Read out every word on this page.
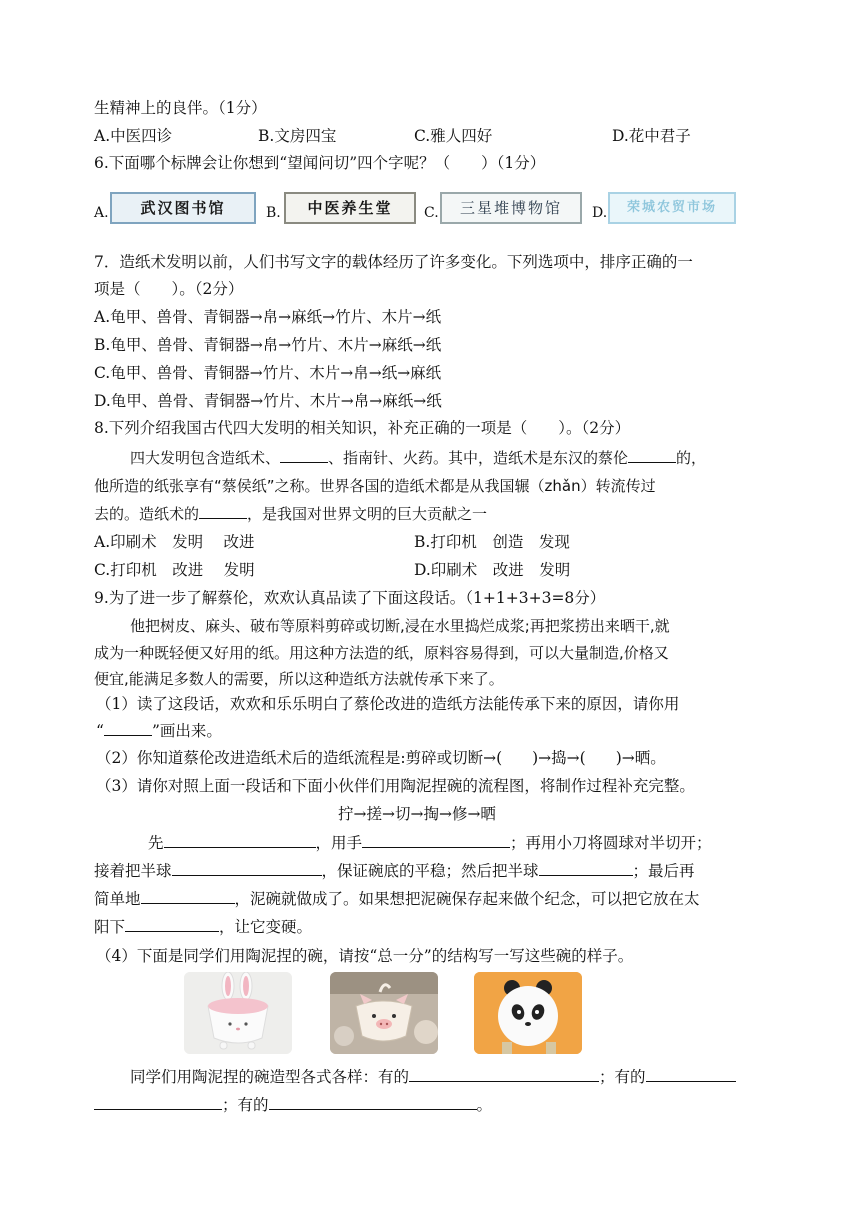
生精神上的良伴。（1分）
A.中医四诊	B.文房四宝	C.雅人四好	D.花中君子
6.下面哪个标牌会让你想到“望闻问切”四个字呢？（　　）（1分）
A.	武汉图书馆	B.	中医养生堂	C.	三星堆博物馆	D.	荣城农贸市场
7．造纸术发明以前，人们书写文字的载体经历了许多变化。下列选项中，排序正确的一
项是（　　）。（2分）
A.龟甲、兽骨、青铜器→帛→麻纸→竹片、木片→纸
B.龟甲、兽骨、青铜器→帛→竹片、木片→麻纸→纸
C.龟甲、兽骨、青铜器→竹片、木片→帛→纸→麻纸
D.龟甲、兽骨、青铜器→竹片、木片→帛→麻纸→纸
8.下列介绍我国古代四大发明的相关知识，补充正确的一项是（　　）。（2分）
四大发明包含造纸术、	、指南针、火药。其中，造纸术是东汉的蔡伦	的，
他所造的纸张享有“蔡侯纸”之称。世界各国的造纸术都是从我国辗（zhǎn）转流传过
去的。造纸术的	，是我国对世界文明的巨大贡献之一
A.印刷术　发明　 改进	B.打印机　创造　发现
C.打印机　改进　 发明	D.印刷术　改进　发明
9.为了进一步了解蔡伦，欢欢认真品读了下面这段话。（1+1+3+3=8分）
他把树皮、麻头、破布等原料剪碎或切断,浸在水里捣烂成浆;再把浆捞出来晒干,就
成为一种既轻便又好用的纸。用这种方法造的纸，原料容易得到，可以大量制造,价格又
便宜,能满足多数人的需要，所以这种造纸方法就传承下来了。
（1）读了这段话，欢欢和乐乐明白了蔡伦改进的造纸方法能传承下来的原因，请你用
“	”画出来。
（2）你知道蔡伦改进造纸术后的造纸流程是:剪碎或切断→( )→捣→( )→晒。
（3）请你对照上面一段话和下面小伙伴们用陶泥捏碗的流程图，将制作过程补充完整。
拧→搓→切→掏→修→晒
先	，用手	；再用小刀将圆球对半切开；
接着把半球	，保证碗底的平稳；然后把半球	；最后再
简单地	，泥碗就做成了。如果想把泥碗保存起来做个纪念，可以把它放在太
阳下	，让它变硬。
（4）下面是同学们用陶泥捏的碗，请按“总一分”的结构写一写这些碗的样子。
同学们用陶泥捏的碗造型各式各样：有的	；有的
；有的	。
